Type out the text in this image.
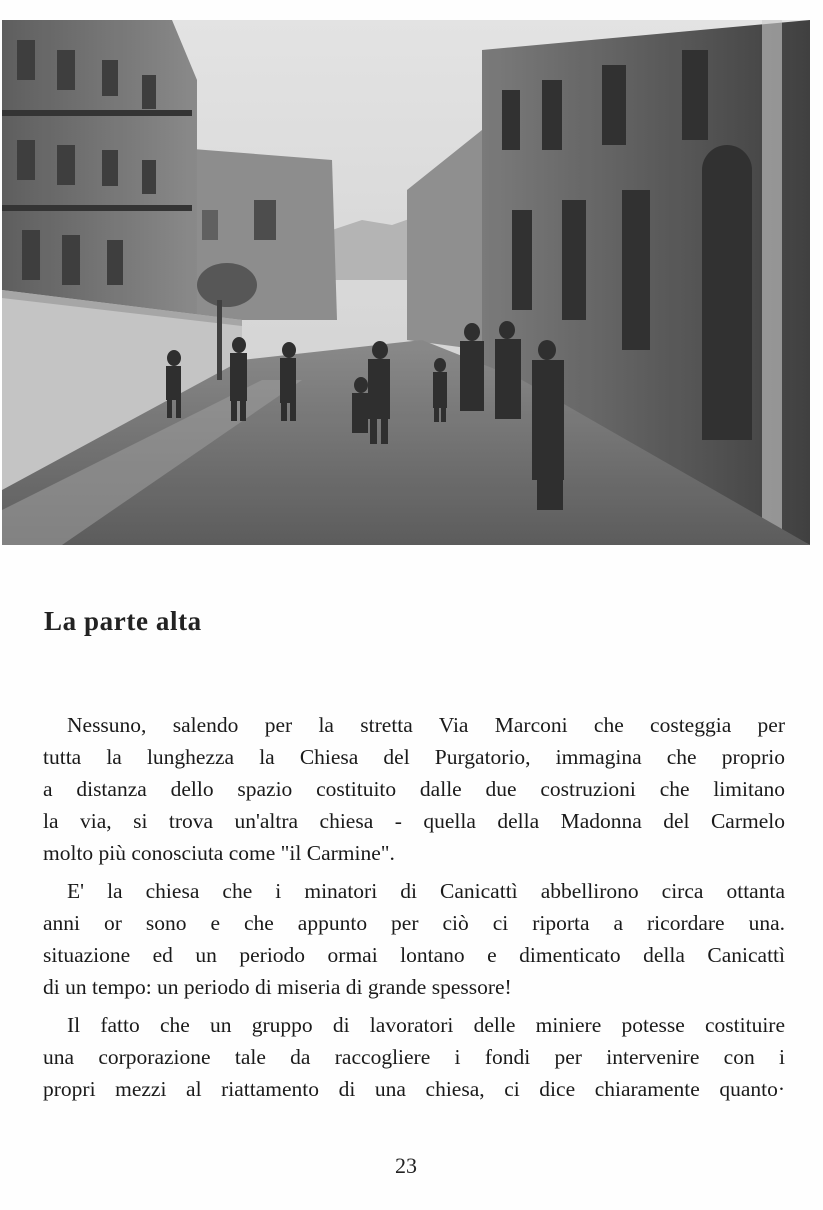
La parte alta

Nessuno, salendo per la stretta Via Marconi che costeggia per
tutta la lunghezza la Chiesa del Purgatorio, immagina che proprio
a distanza dello spazio costituito dalle due costruzioni che limitano
la via, si trova un'altra chiesa - quella della Madonna del Carmelo
molto più conosciuta come "il Carmine".

E' la chiesa che i minatori di Canicattì abbellirono circa ottanta
anni or sono e che appunto per ciò ci riporta a ricordare una.
situazione ed un periodo ormai lontano e dimenticato della Canicattì
di un tempo: un periodo di miseria di grande spessore!

Il fatto che un gruppo di lavoratori delle miniere potesse costituire
una corporazione tale da raccogliere i fondi per intervenire con i
propri mezzi al riattamento di una chiesa, ci dice chiaramente quanto·

23
